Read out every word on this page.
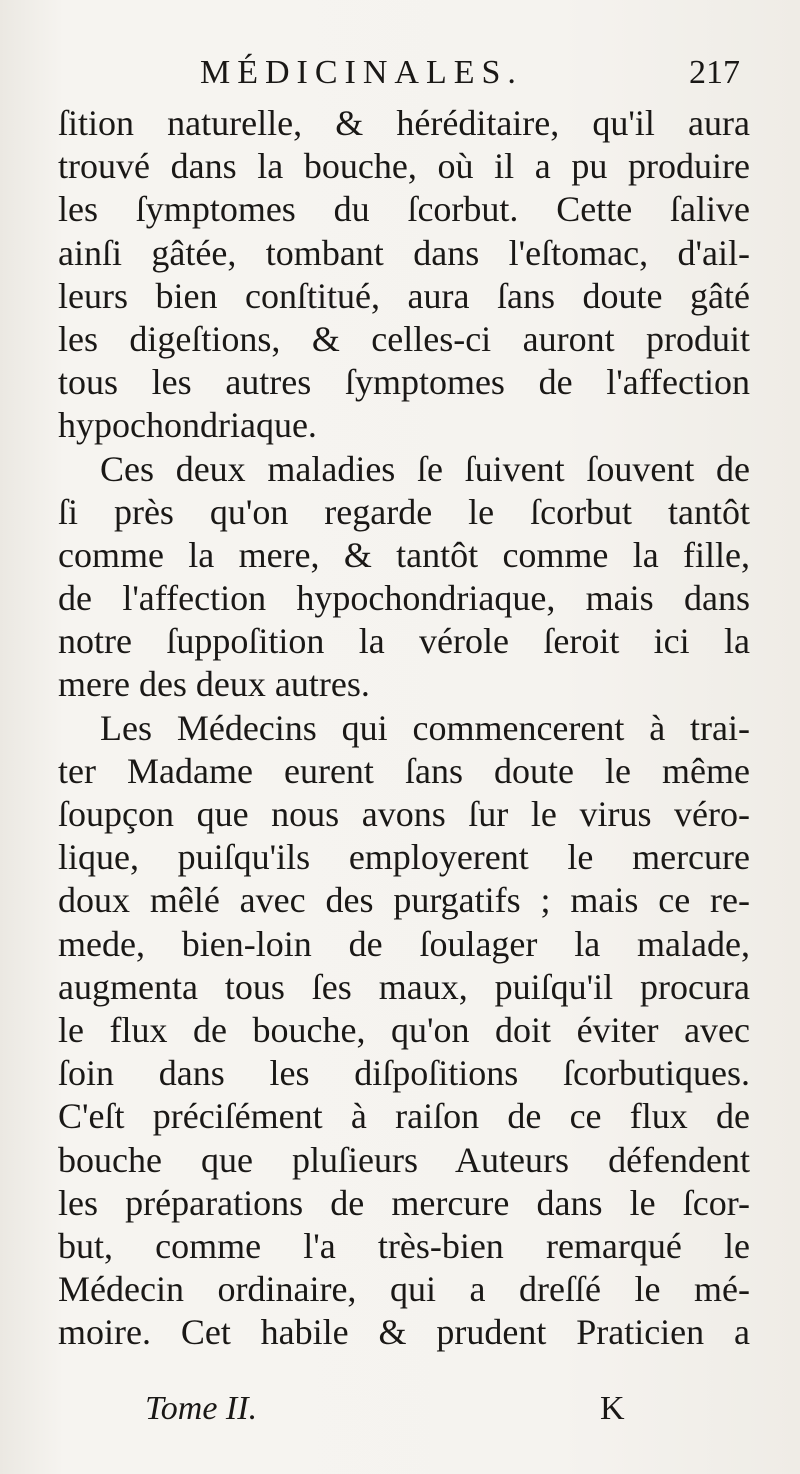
MÉDICINALES.	217
ſition naturelle, & héréditaire, qu'il aura
trouvé dans la bouche, où il a pu produire
les ſymptomes du ſcorbut. Cette ſalive
ainſi gâtée, tombant dans l'eſtomac, d'ail-
leurs bien conſtitué, aura ſans doute gâté
les digeſtions, & celles-ci auront produit
tous les autres ſymptomes de l'affection
hypochondriaque.
Ces deux maladies ſe ſuivent ſouvent de
ſi près qu'on regarde le ſcorbut tantôt
comme la mere, & tantôt comme la fille,
de l'affection hypochondriaque, mais dans
notre ſuppoſition la vérole ſeroit ici la
mere des deux autres.
Les Médecins qui commencerent à trai-
ter Madame eurent ſans doute le même
ſoupçon que nous avons ſur le virus véro-
lique, puiſqu'ils employerent le mercure
doux mêlé avec des purgatifs ; mais ce re-
mede, bien-loin de ſoulager la malade,
augmenta tous ſes maux, puiſqu'il procura
le flux de bouche, qu'on doit éviter avec
ſoin dans les diſpoſitions ſcorbutiques.
C'eſt préciſément à raiſon de ce flux de
bouche que pluſieurs Auteurs défendent
les préparations de mercure dans le ſcor-
but, comme l'a très-bien remarqué le
Médecin ordinaire, qui a dreſſé le mé-
moire. Cet habile & prudent Praticien a
Tome II.	K
